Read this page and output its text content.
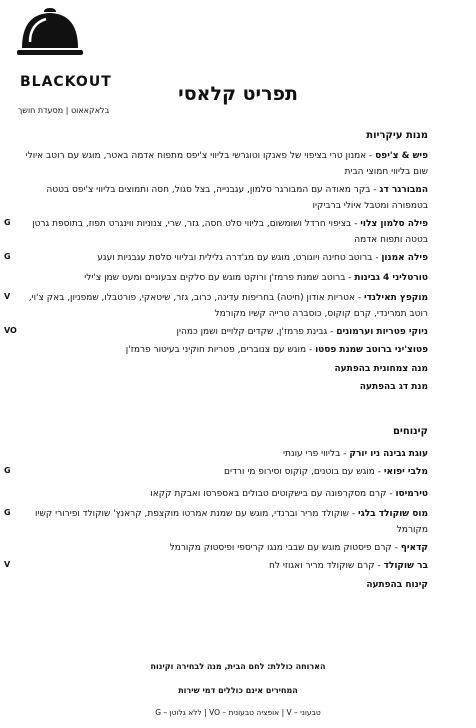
BLACKOUT
בלאקאאוט | מסעדת חושך
תפריט קלאסי
מנות עיקריות
פיש & צ'יפס - אמנון טרי בציפוי של פאנקו וטוגרשי בליווי צ'יפס מתפוח אדמה באטר, מוגש עם רוטב איולי שום בליווי חמוצי הבית
המבורגר דג - בקר מאודה עם המבורגר סלמון, עגבנייה, בצל סגול, חסה ותמוצים בליווי צ'יפס בטטה בטמפורה ומטבל איולי ברביקיו
פילה סלמון צלוי - בציפוי חרדל ושומשום, בליווי סלט חסה, גזר, שרי, צנוניות ווינגרט תפוז, בתוספת גרטן בטטה ותפוח אדמה
G
פילה אמנון - ברוטב טחינה ויוגורט, מוגש עם מג'דרה גלילית ובליווי סלסת עגבניות ועגע
G
טורטליני 4 גבינות - ברוטב שמנת פרמז'ן ורוקט מוגש עם סלקים צבעוניים ומעט שמן צ'ילי
מוקפץ תאילנדי - אטריות אודון (חיטה) בחריפות עדינה, כרוב, גזר, שיטאקי, פורטבלו, שמפניון, באק צ'וי, רוטב תמרינדי, קרם קוקוס, כוסברה טרייה קשיו מקורמל
V
ניוקי פטריות וערמונים - גבינת פרמז'ן, שקדים קלויים ושמן כמהין
VO
פטוצ'יני ברוטב שמנת פסטו - מוגש עם צנוברים, פטריות חוקיני בעיטור פרמז'ן
מנה צמחונית בהפתעה
מנת דג בהפתעה
קינוחים
עוגת גבינה ניו יורק - בליווי פרי עונתי
מלבי יפואי - מוגש עם בוטנים, קוקוס וסירופ מי ורדים
G
טירמיסו - קרם מסקרפונה עם בישקוטים טבולים באספרסו ואבקת קקאו
מוס שוקולד בלגי - שוקולד מריר וברנדי, מוגש עם שמנת אמרטו מוקצפת, קראנץ' שוקולד ופירורי קשיו מקורמל
G
קדאיף - קרם פיסטוק מוגש עם שבבי מנגו קריספי ופיסטוק מקורמל
בר שוקולד - קרם שוקולד מריר ואגוזי לח
V
קינוח בהפתעה
הארוחה כוללת: לחם הבית, מנה לבחירה וקינוח
המחירים אינם כוללים דמי שירות
טבעוני – V | אופציה טבעונית – VO | ללא גלוטן – G
